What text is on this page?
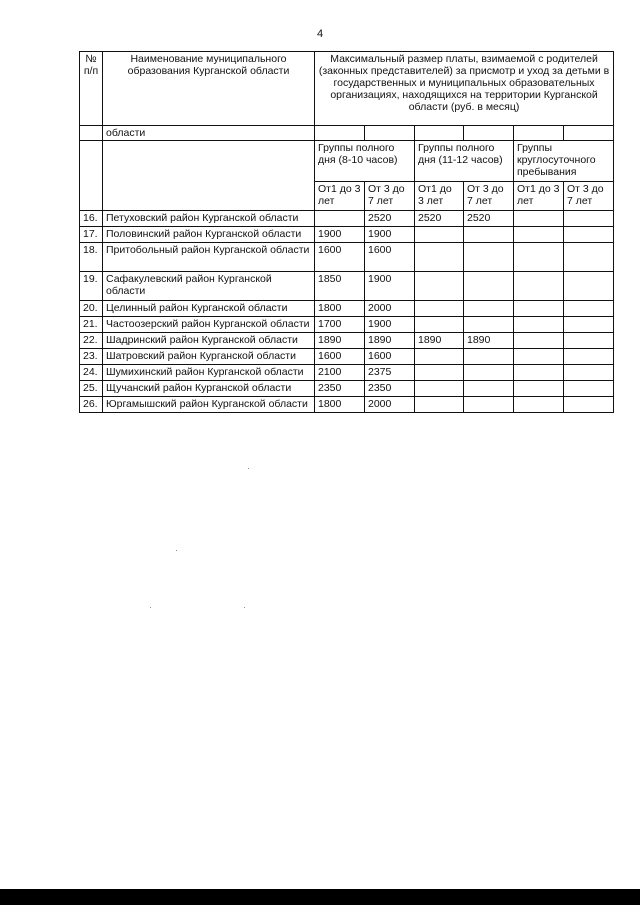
4
№ п/п	Наименование муниципального образования Курганской области	Максимальный размер платы, взимаемой с родителей (законных представителей) за присмотр и уход за детьми в государственных и муниципальных образовательных организациях, находящихся на территории Курганской области (руб. в месяц)					
	области						
		Группы полного дня (8-10 часов)		Группы полного дня (11-12 часов)		Группы круглосуточного пребывания	
		От1 до 3 лет	От 3 до 7 лет	От1 до 3 лет	От 3 до 7 лет	От1 до 3 лет	От 3 до 7 лет
16.	Петуховский район Курганской области		2520	2520	2520		
17.	Половинский район Курганской области	1900	1900				
18.	Притобольный район Курганской области	1600	1600				
19.	Сафакулевский район Курганской области	1850	1900				
20.	Целинный район Курганской области	1800	2000				
21.	Частоозерский район Курганской области	1700	1900				
22.	Шадринский район Курганской области	1890	1890	1890	1890		
23.	Шатровский район Курганской области	1600	1600				
24.	Шумихинский район Курганской области	2100	2375				
25.	Щучанский район Курганской области	2350	2350				
26.	Юргамышский район Курганской области	1800	2000				
